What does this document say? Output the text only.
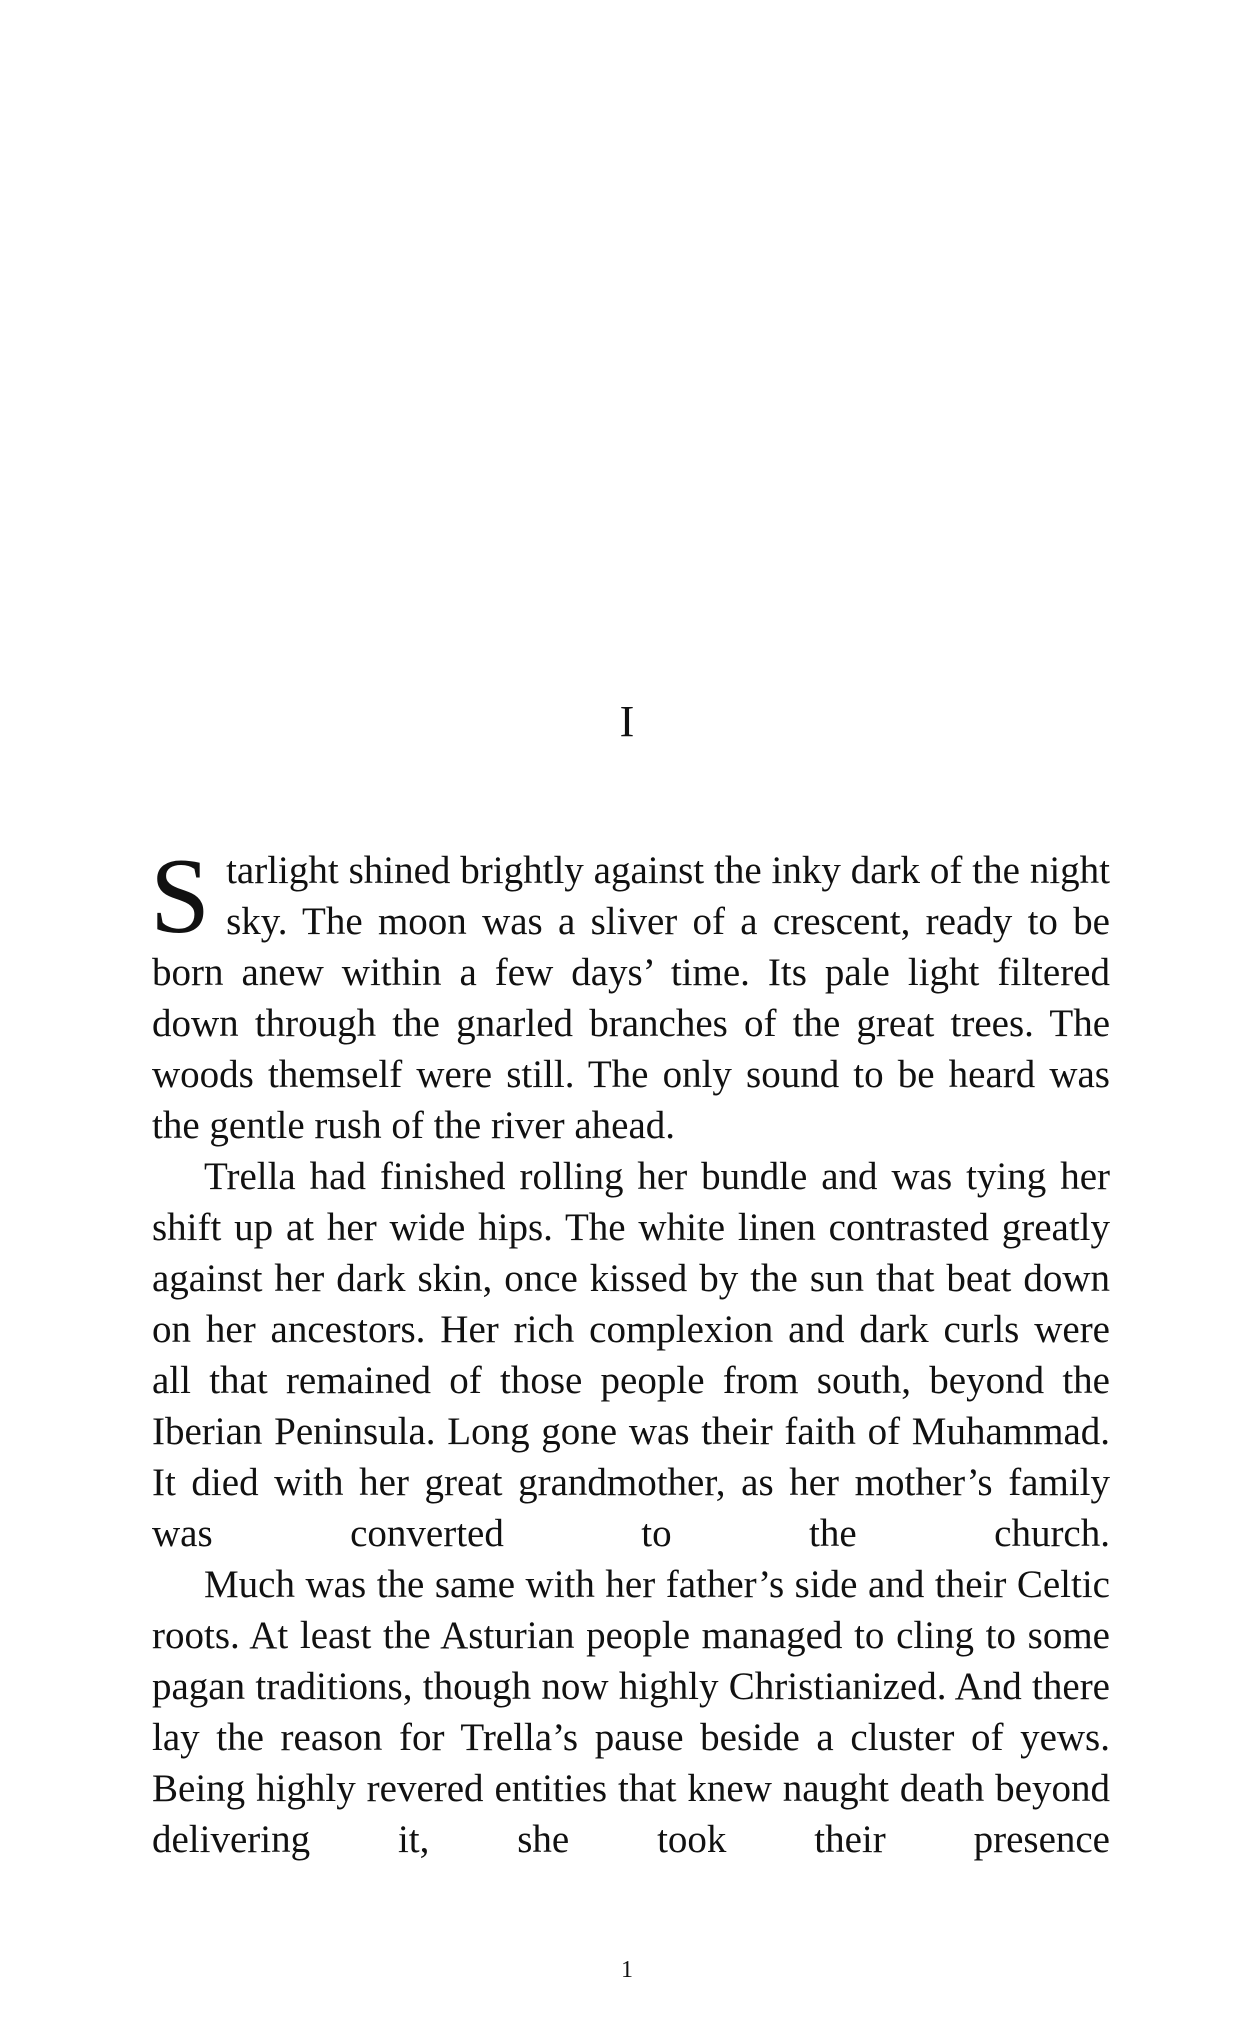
I

Starlight shined brightly against the inky dark of the night sky. The moon was a sliver of a crescent, ready to be born anew within a few days’ time. Its pale light filtered down through the gnarled branches of the great trees. The woods themself were still. The only sound to be heard was the gentle rush of the river ahead.

Trella had finished rolling her bundle and was tying her shift up at her wide hips. The white linen contrasted greatly against her dark skin, once kissed by the sun that beat down on her ancestors. Her rich complexion and dark curls were all that remained of those people from south, beyond the Iberian Peninsula. Long gone was their faith of Muhammad. It died with her great grandmother, as her mother’s family was converted to the church.

Much was the same with her father’s side and their Celtic roots. At least the Asturian people managed to cling to some pagan traditions, though now highly Christianized. And there lay the reason for Trella’s pause beside a cluster of yews. Being highly revered entities that knew naught death beyond delivering it, she took their presence

1
